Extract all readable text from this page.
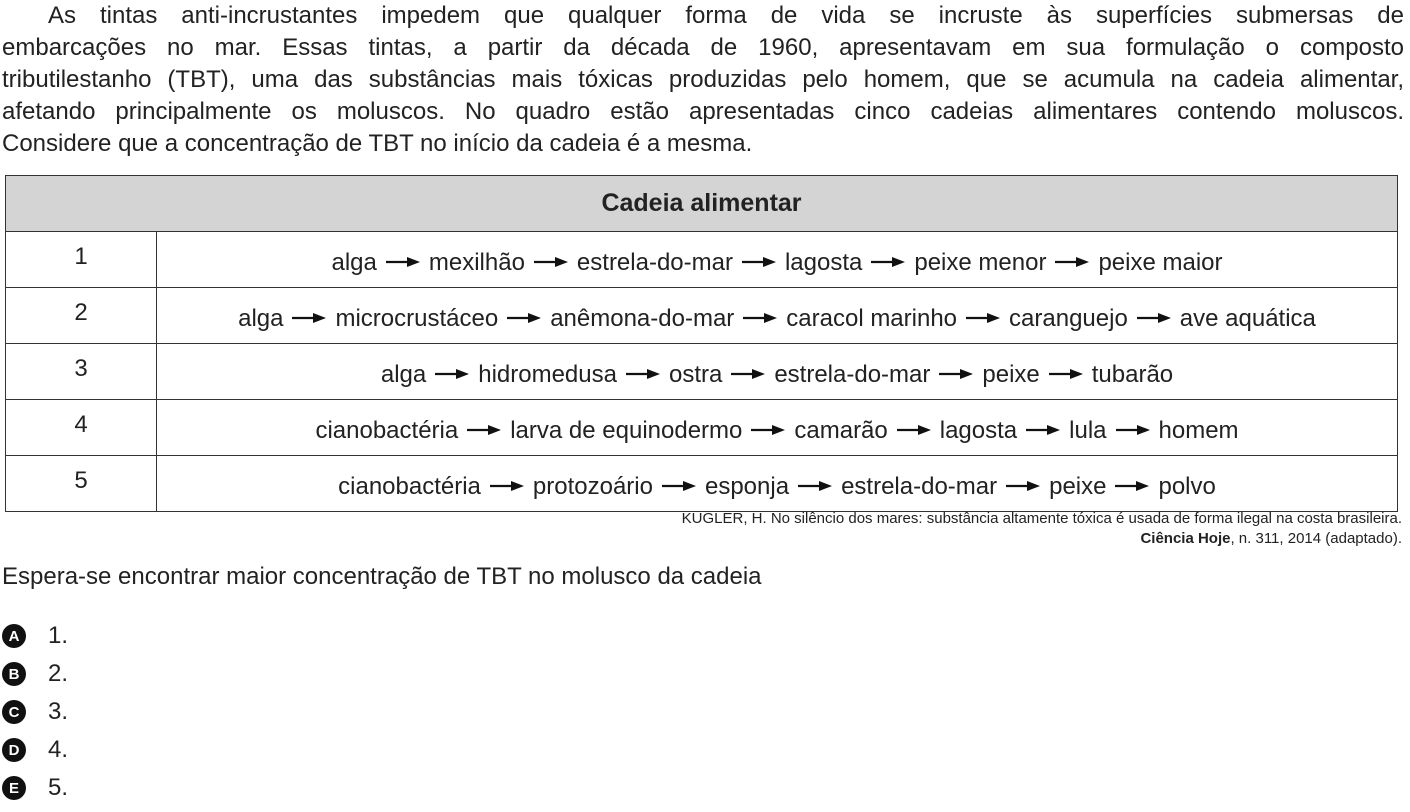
As tintas anti-incrustantes impedem que qualquer forma de vida se incruste às superfícies submersas de
embarcações no mar. Essas tintas, a partir da década de 1960, apresentavam em sua formulação o composto
tributilestanho (TBT), uma das substâncias mais tóxicas produzidas pelo homem, que se acumula na cadeia alimentar,
afetando principalmente os moluscos. No quadro estão apresentadas cinco cadeias alimentares contendo moluscos.
Considere que a concentração de TBT no início da cadeia é a mesma.
Cadeia alimentar	
1	alga mexilhão estrela-do-mar lagosta peixe menor peixe maior
2	alga microcrustáceo anêmona-do-mar caracol marinho caranguejo ave aquática
3	alga hidromedusa ostra estrela-do-mar peixe tubarão
4	cianobactéria larva de equinodermo camarão lagosta lula homem
5	cianobactéria protozoário esponja estrela-do-mar peixe polvo
KUGLER, H. No silêncio dos mares: substância altamente tóxica é usada de forma ilegal na costa brasileira.
Ciência Hoje, n. 311, 2014 (adaptado).

Espera-se encontrar maior concentração de TBT no molusco da cadeia

A 1.
B 2.
C 3.
D 4.
E 5.
